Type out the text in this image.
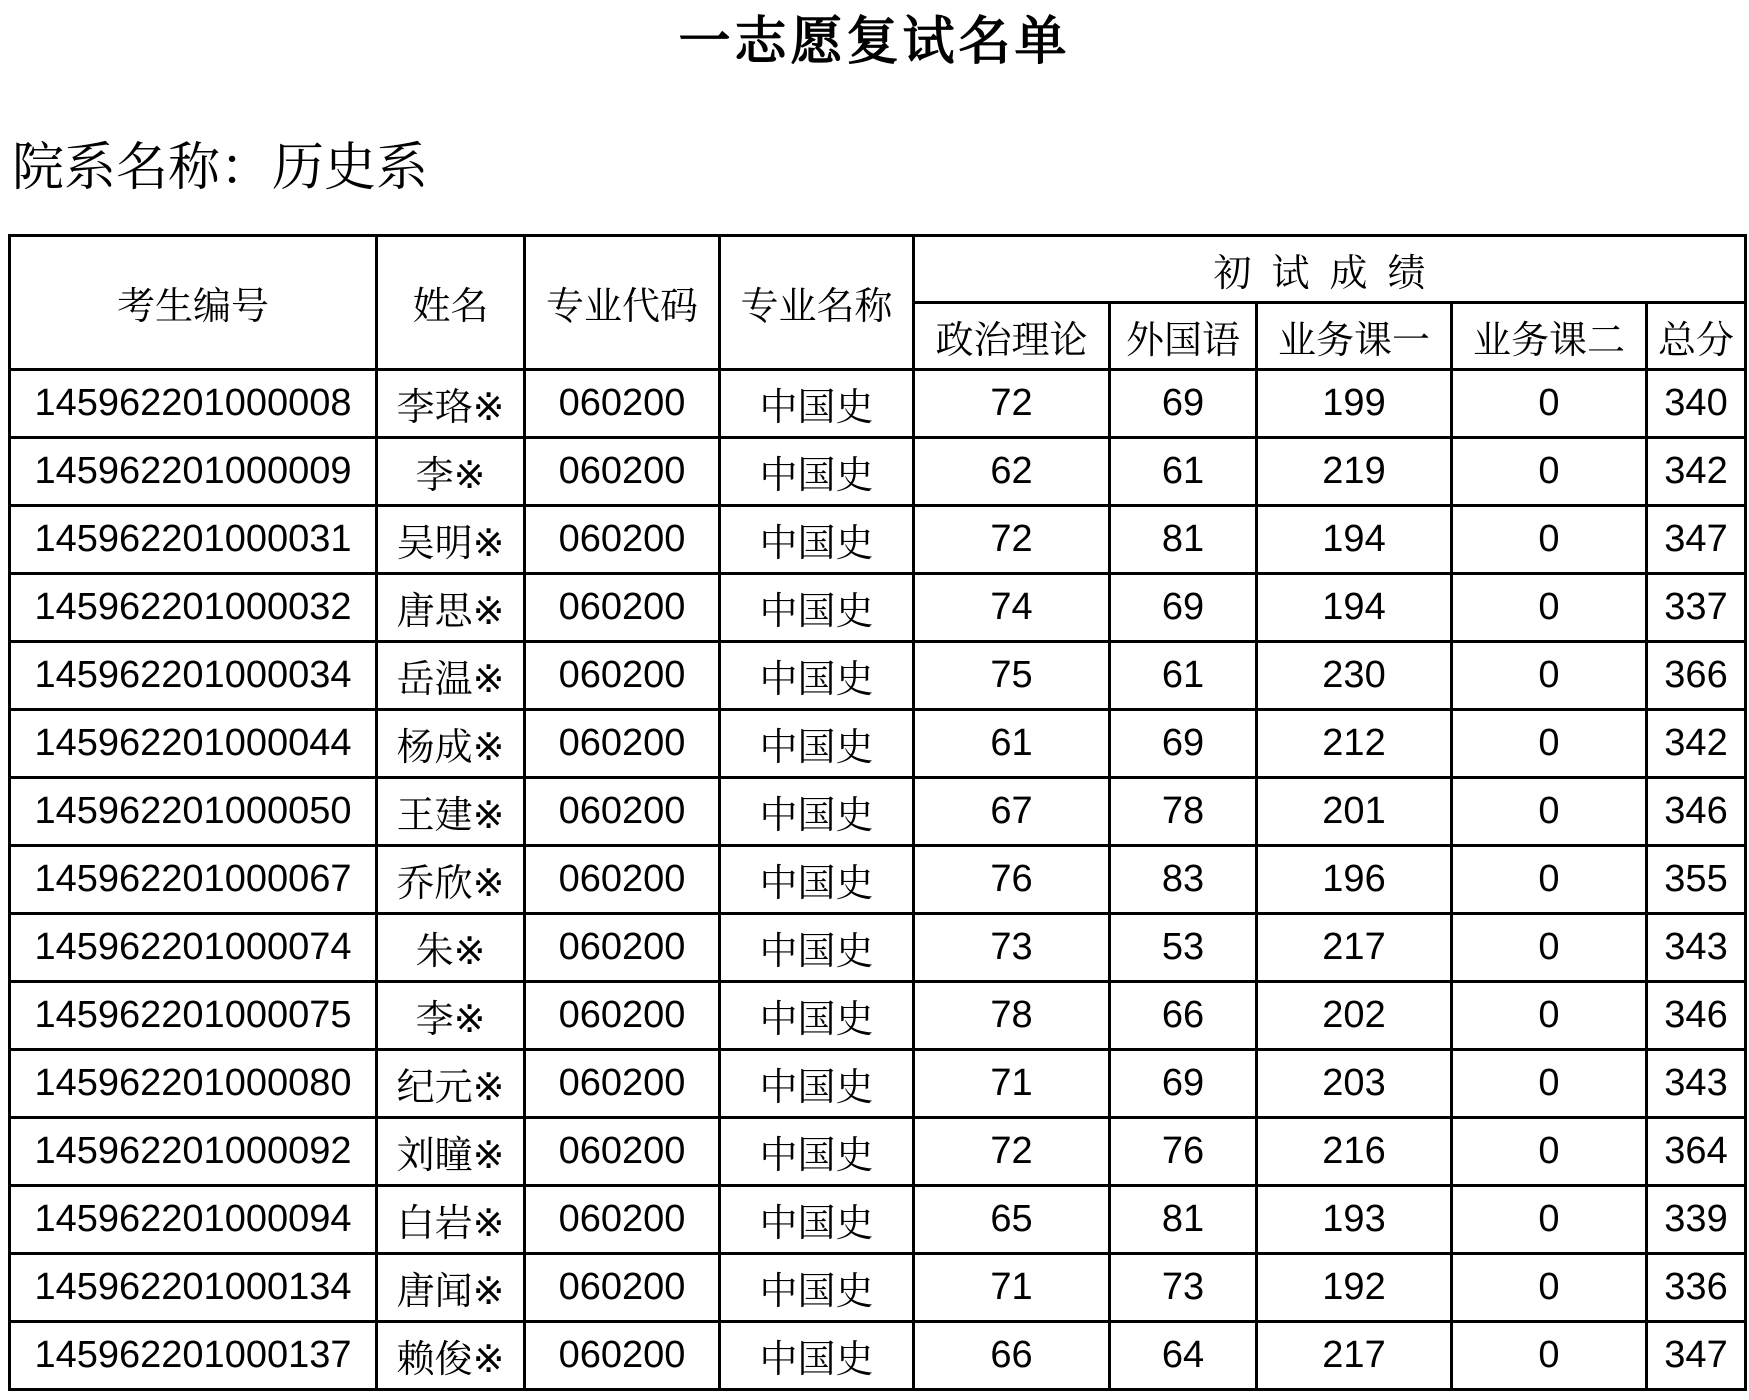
一志愿复试名单
院系名称：历史系
考生编号	姓名	专业代码	专业名称	初试成绩				
				政治理论	外国语	业务课一	业务课二	总分
145962201000008	李珞※	060200	中国史	72	69	199	0	340
145962201000009	李※	060200	中国史	62	61	219	0	342
145962201000031	吴明※	060200	中国史	72	81	194	0	347
145962201000032	唐思※	060200	中国史	74	69	194	0	337
145962201000034	岳温※	060200	中国史	75	61	230	0	366
145962201000044	杨成※	060200	中国史	61	69	212	0	342
145962201000050	王建※	060200	中国史	67	78	201	0	346
145962201000067	乔欣※	060200	中国史	76	83	196	0	355
145962201000074	朱※	060200	中国史	73	53	217	0	343
145962201000075	李※	060200	中国史	78	66	202	0	346
145962201000080	纪元※	060200	中国史	71	69	203	0	343
145962201000092	刘瞳※	060200	中国史	72	76	216	0	364
145962201000094	白岩※	060200	中国史	65	81	193	0	339
145962201000134	唐闻※	060200	中国史	71	73	192	0	336
145962201000137	赖俊※	060200	中国史	66	64	217	0	347
